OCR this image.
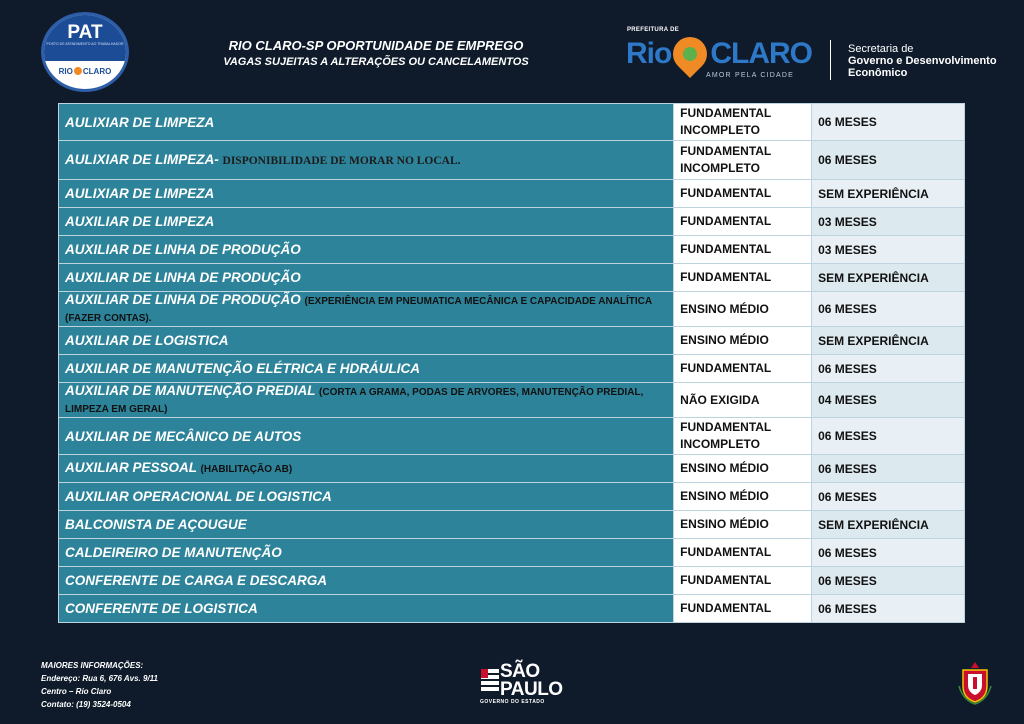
PAT
POSTO DE ATENDIMENTO AO TRABALHADOR
RIO CLARO
RIO CLARO-SP OPORTUNIDADE DE EMPREGO
VAGAS SUJEITAS A ALTERAÇÕES OU CANCELAMENTOS
PREFEITURA DE
Rio CLARO
AMOR PELA CIDADE
Secretaria de
Governo e Desenvolvimento
Econômico
AULIXIAR DE LIMPEZA	FUNDAMENTAL INCOMPLETO	06 MESES
AULIXIAR DE LIMPEZA- DISPONIBILIDADE DE MORAR NO LOCAL.	FUNDAMENTAL INCOMPLETO	06 MESES
AULIXIAR DE LIMPEZA	FUNDAMENTAL	SEM EXPERIÊNCIA
AUXILIAR DE LIMPEZA	FUNDAMENTAL	03 MESES
AUXILIAR DE LINHA DE PRODUÇÃO	FUNDAMENTAL	03 MESES
AUXILIAR DE LINHA DE PRODUÇÃO	FUNDAMENTAL	SEM EXPERIÊNCIA
AUXILIAR DE LINHA DE PRODUÇÃO (EXPERIÊNCIA EM PNEUMATICA MECÂNICA E CAPACIDADE ANALÍTICA (FAZER CONTAS).	ENSINO MÉDIO	06 MESES
AUXILIAR DE LOGISTICA	ENSINO MÉDIO	SEM EXPERIÊNCIA
AUXILIAR DE MANUTENÇÃO ELÉTRICA E HDRÁULICA	FUNDAMENTAL	06 MESES
AUXILIAR DE MANUTENÇÃO PREDIAL (CORTA A GRAMA, PODAS DE ARVORES, MANUTENÇÃO PREDIAL, LIMPEZA EM GERAL)	NÃO EXIGIDA	04 MESES
AUXILIAR DE MECÂNICO DE AUTOS	FUNDAMENTAL INCOMPLETO	06 MESES
AUXILIAR PESSOAL (HABILITAÇÃO AB)	ENSINO MÉDIO	06 MESES
AUXILIAR OPERACIONAL DE LOGISTICA	ENSINO MÉDIO	06 MESES
BALCONISTA DE AÇOUGUE	ENSINO MÉDIO	SEM EXPERIÊNCIA
CALDEIREIRO DE MANUTENÇÃO	FUNDAMENTAL	06 MESES
CONFERENTE DE CARGA E DESCARGA	FUNDAMENTAL	06 MESES
CONFERENTE DE LOGISTICA	FUNDAMENTAL	06 MESES
MAIORES INFORMAÇÕES:
Endereço: Rua 6, 676 Avs. 9/11
Centro – Rio Claro
Contato: (19) 3524-0504
SÃO
PAULO
GOVERNO DO ESTADO
